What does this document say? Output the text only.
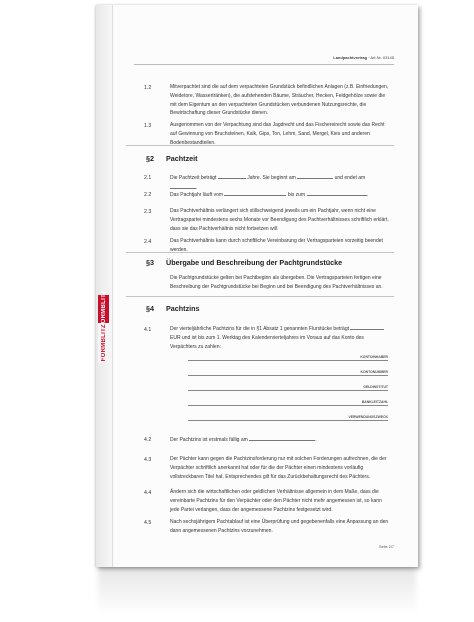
FORMBLITZ
FORMBLITZ
Landpachtvertrag · Art.Nr. 03145
1.2	Mitverpachtet sind die auf dem verpachteten Grundstück befindlichen Anlagen (z.B. Einfriedungen, Weidetore, Wassertränken), die aufstehenden Bäume, Sträucher, Hecken, Feldgehölze sowie die mit dem Eigentum an den verpachteten Grundstücken verbundenen Nutzungsrechte, die Bewirtschaftung dieser Grundstücke dienen.
1.3	Ausgenommen von der Verpachtung sind das Jagdrecht und das Fischereirecht sowie das Recht auf Gewinnung von Bruchsteinen, Kalk, Gips, Ton, Lehm, Sand, Mergel, Kies und anderen Bodenbestandteilen.
§2 Pachtzeit
2.1	Die Pachtzeit beträgt	Jahre. Sie beginnt am	und endet am .
2.2	Das Pachtjahr läuft vom	bis zum	.
2.3	Das Pachtverhältnis verlängert sich stillschweigend jeweils um ein Pachtjahr, wenn nicht eine Vertragspartei mindestens sechs Monate vor Beendigung des Pachtverhältnisses schriftlich erklärt, dass sie das Pachtverhältnis nicht fortsetzen will.
2.4	Das Pachtverhältnis kann durch schriftliche Vereinbarung der Vertragsparteien vorzeitig beendet werden.
§3 Übergabe und Beschreibung der Pachtgrundstücke
Die Pachtgrundstücke gelten bei Pachtbeginn als übergeben. Die Vertragsparteien fertigen eine Beschreibung der Pachtgrundstücke bei Beginn und bei Beendigung des Pachtverhältnisses an.
§4 Pachtzins
4.1	Der vierteljährliche Pachtzins für die in §1 Absatz 1 genannten Flurstücke beträgt  EUR und ist bis zum 1. Werktag des Kalendervierteljahres im Voraus auf das Konto des Verpächters zu zahlen:
KONTOINHABER
KONTONUMMER
GELDINSTITUT
BANKLEITZAHL
VERWENDUNGSZWECK
4.2	Der Pachtzins ist erstmals fällig am	.
4.3	Der Pächter kann gegen die Pachtzinsforderung nur mit solchen Forderungen aufrechnen, die der Verpächter schriftlich anerkannt hat oder für die der Pächter einen mindestens vorläufig vollstreckbaren Titel hat. Entsprechendes gilt für das Zurückbehaltungsrecht des Pächters.
4.4	Ändern sich die wirtschaftlichen oder geldlichen Verhältnisse allgemein in dem Maße, dass die vereinbarte Pachtzins für den Verpächter oder den Pächter nicht mehr angemessen ist, so kann jede Partei verlangen, dass der angemessene Pachtzins festgesetzt wird.
4.5	Nach sechsjährigem Pachtablauf ist eine Überprüfung und gegebenenfalls eine Anpassung an den dann angemessenen Pachtzins vorzunehmen.
Seite 2/7
